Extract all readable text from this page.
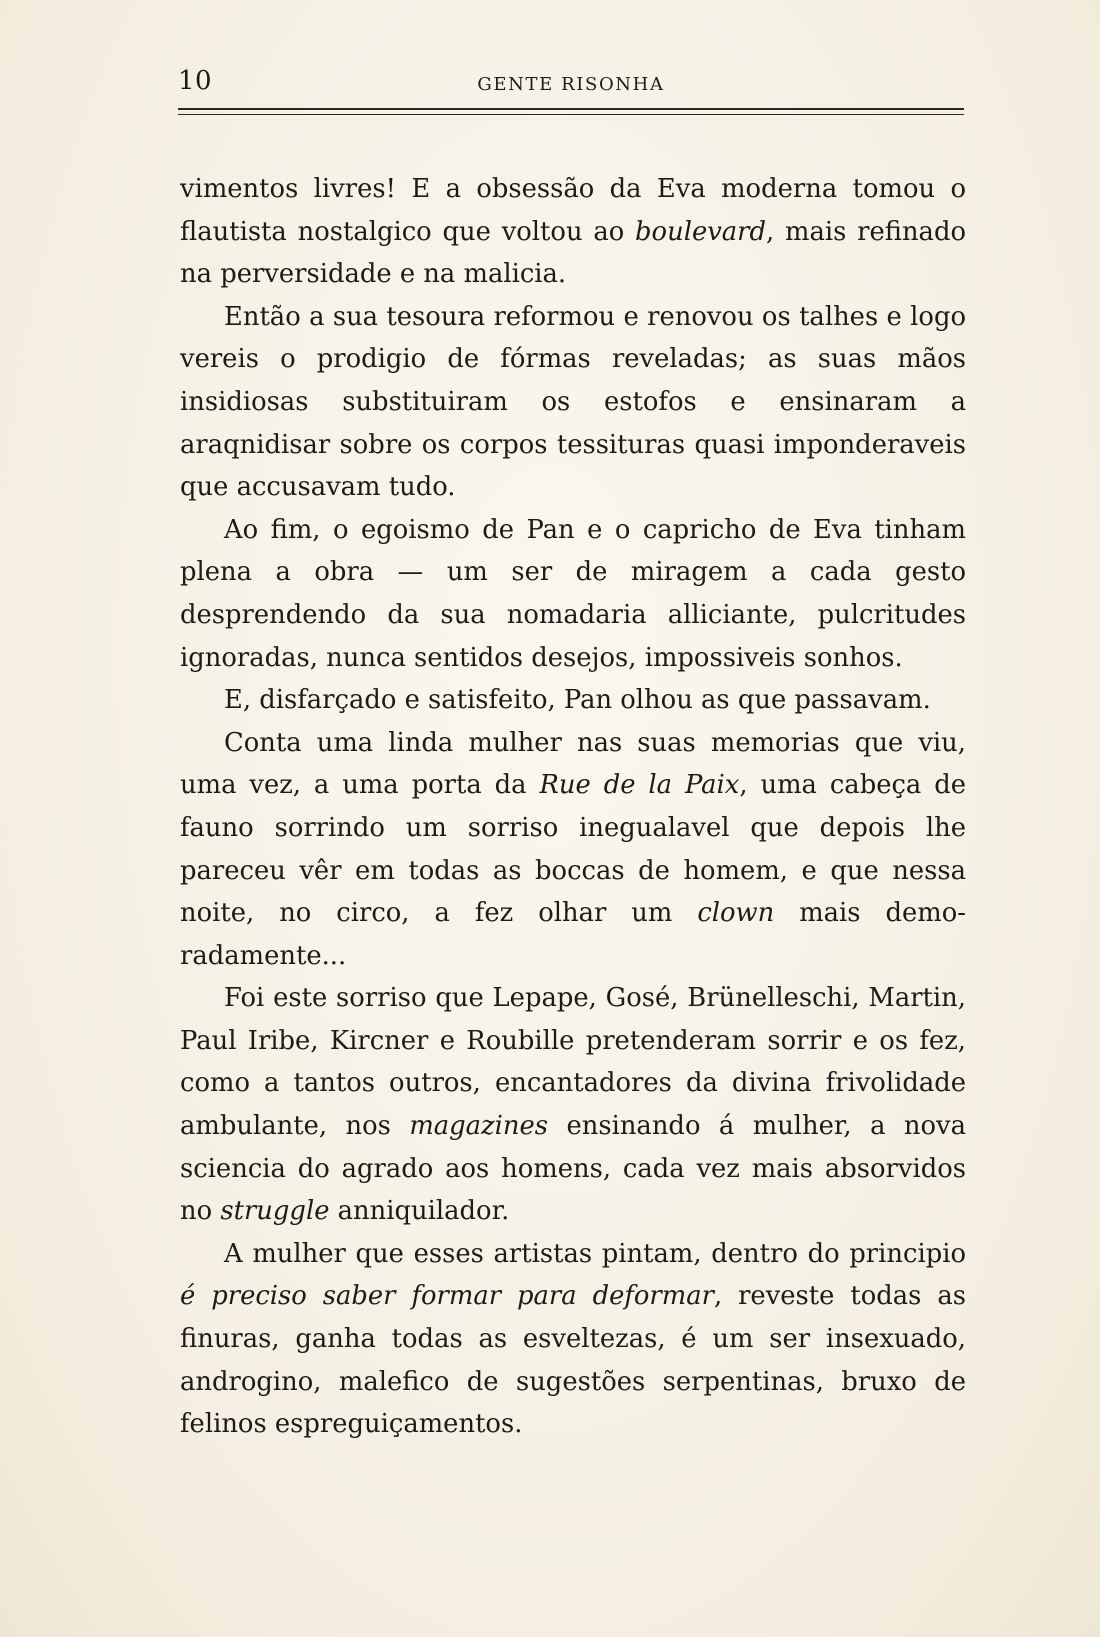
10	GENTE RISONHA

vimentos livres! E a obsessão da Eva moderna tomou o flautista nostalgico que voltou ao boulevard, mais refinado na perversidade e na malicia.

Então a sua tesoura reformou e renovou os talhes e logo vereis o prodigio de fórmas reveladas; as suas mãos insidiosas substituiram os estofos e ensinaram a araqnidisar sobre os corpos tessituras quasi imponderaveis que accusavam tudo.

Ao fim, o egoismo de Pan e o capricho de Eva tinham plena a obra — um ser de miragem a cada gesto desprendendo da sua nomadaria alliciante, pulcritudes ignoradas, nunca sentidos desejos, impossiveis sonhos.

E, disfarçado e satisfeito, Pan olhou as que passavam.

Conta uma linda mulher nas suas memorias que viu, uma vez, a uma porta da Rue de la Paix, uma cabeça de fauno sorrindo um sorriso inegualavel que depois lhe pareceu vêr em todas as boccas de homem, e que nessa noite, no circo, a fez olhar um clown mais demoradamente...

Foi este sorriso que Lepape, Gosé, Brünelleschi, Martin, Paul Iribe, Kircner e Roubille pretenderam sorrir e os fez, como a tantos outros, encantadores da divina frivolidade ambulante, nos magazines ensinando á mulher, a nova sciencia do agrado aos homens, cada vez mais absorvidos no struggle anniquilador.

A mulher que esses artistas pintam, dentro do principio é preciso saber formar para deformar, reveste todas as finuras, ganha todas as esveltezas, é um ser insexuado, androgino, malefico de sugestões serpentinas, bruxo de felinos espreguiçamentos.
